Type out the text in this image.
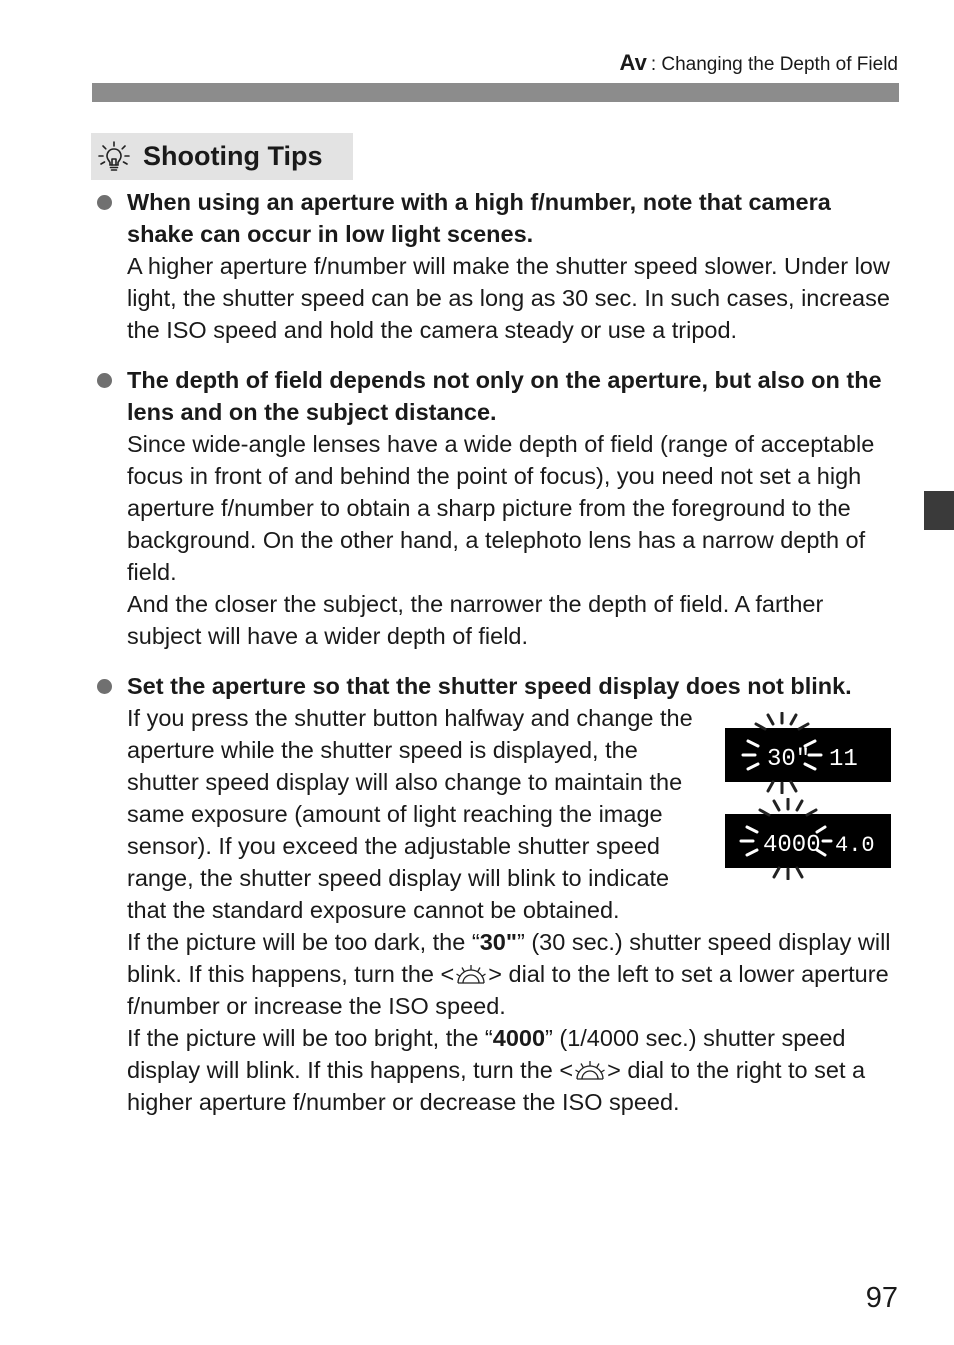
Av : Changing the Depth of Field
Shooting Tips

When using an aperture with a high f/number, note that camera shake can occur in low light scenes.

A higher aperture f/number will make the shutter speed slower. Under low light, the shutter speed can be as long as 30 sec. In such cases, increase the ISO speed and hold the camera steady or use a tripod.

The depth of field depends not only on the aperture, but also on the lens and on the subject distance.

Since wide-angle lenses have a wide depth of field (range of acceptable focus in front of and behind the point of focus), you need not set a high aperture f/number to obtain a sharp picture from the foreground to the background. On the other hand, a telephoto lens has a narrow depth of field.

And the closer the subject, the narrower the depth of field. A farther subject will have a wider depth of field.

Set the aperture so that the shutter speed display does not blink.

30" 11
4000 4.0

If you press the shutter button halfway and change the aperture while the shutter speed is displayed, the shutter speed display will also change to maintain the same exposure (amount of light reaching the image sensor). If you exceed the adjustable shutter speed range, the shutter speed display will blink to indicate that the standard exposure cannot be obtained.

If the picture will be too dark, the “30"” (30 sec.) shutter speed display will blink. If this happens, turn the < > dial to the left to set a lower aperture f/number or increase the ISO speed.

If the picture will be too bright, the “4000” (1/4000 sec.) shutter speed display will blink. If this happens, turn the < > dial to the right to set a higher aperture f/number or decrease the ISO speed.

97
